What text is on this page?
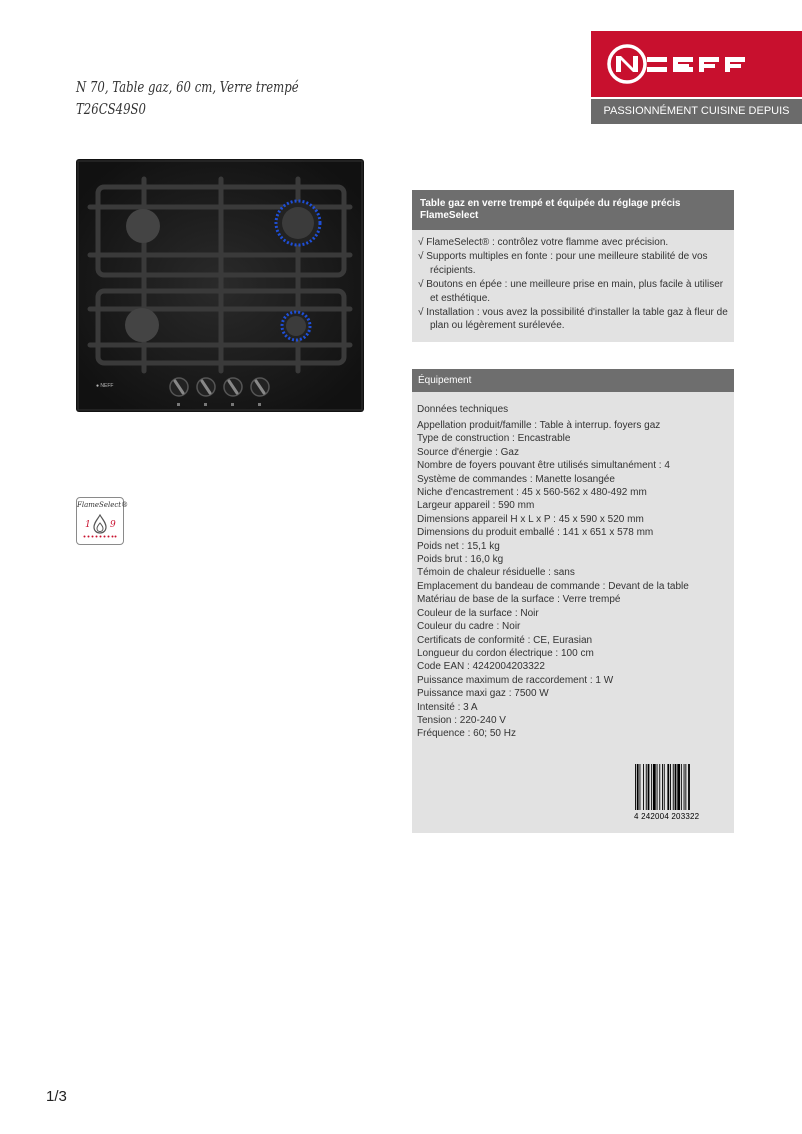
N 70, Table gaz, 60 cm, Verre trempé
T26CS49S0	PASSIONNÉMENT CUISINE DEPUIS 1877
● NEFF
FlameSelect®
1 9
Table gaz en verre trempé et équipée du réglage précis FlameSelect
√ FlameSelect® : contrôlez votre flamme avec précision.
√ Supports multiples en fonte : pour une meilleure stabilité de vos récipients.
√ Boutons en épée : une meilleure prise en main, plus facile à utiliser et esthétique.
√ Installation : vous avez la possibilité d'installer la table gaz à fleur de plan ou légèrement surélevée.
Équipement
Données techniques
Appellation produit/famille : Table à interrup. foyers gaz
Type de construction : Encastrable
Source d'énergie : Gaz
Nombre de foyers pouvant être utilisés simultanément : 4
Système de commandes : Manette losangée
Niche d'encastrement : 45 x 560-562 x 480-492 mm
Largeur appareil : 590 mm
Dimensions appareil H x L x P : 45 x 590 x 520 mm
Dimensions du produit emballé : 141 x 651 x 578 mm
Poids net : 15,1 kg
Poids brut : 16,0 kg
Témoin de chaleur résiduelle : sans
Emplacement du bandeau de commande : Devant de la table
Matériau de base de la surface : Verre trempé
Couleur de la surface : Noir
Couleur du cadre : Noir
Certificats de conformité : CE, Eurasian
Longueur du cordon électrique : 100 cm
Code EAN : 4242004203322
Puissance maximum de raccordement : 1 W
Puissance maxi gaz : 7500 W
Intensité : 3 A
Tension : 220-240 V
Fréquence : 60; 50 Hz
4 242004 203322
1/3
